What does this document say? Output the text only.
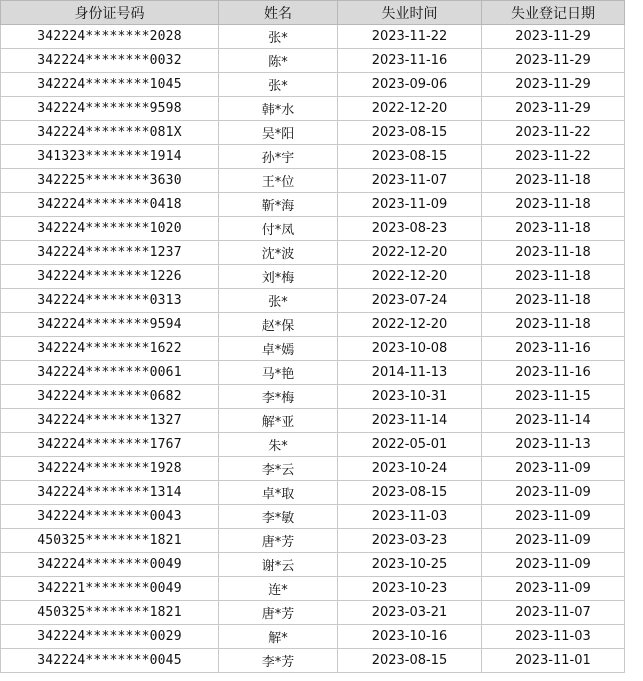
身份证号码	姓名	失业时间	失业登记日期
342224********2028	张*	2023-11-22	2023-11-29
342224********0032	陈*	2023-11-16	2023-11-29
342224********1045	张*	2023-09-06	2023-11-29
342224********9598	韩*水	2022-12-20	2023-11-29
342224********081X	吴*阳	2023-08-15	2023-11-22
341323********1914	孙*宇	2023-08-15	2023-11-22
342225********3630	王*位	2023-11-07	2023-11-18
342224********0418	靳*海	2023-11-09	2023-11-18
342224********1020	付*凤	2023-08-23	2023-11-18
342224********1237	沈*波	2022-12-20	2023-11-18
342224********1226	刘*梅	2022-12-20	2023-11-18
342224********0313	张*	2023-07-24	2023-11-18
342224********9594	赵*保	2022-12-20	2023-11-18
342224********1622	卓*嫣	2023-10-08	2023-11-16
342224********0061	马*艳	2014-11-13	2023-11-16
342224********0682	李*梅	2023-10-31	2023-11-15
342224********1327	解*亚	2023-11-14	2023-11-14
342224********1767	朱*	2022-05-01	2023-11-13
342224********1928	李*云	2023-10-24	2023-11-09
342224********1314	卓*取	2023-08-15	2023-11-09
342224********0043	李*敏	2023-11-03	2023-11-09
450325********1821	唐*芳	2023-03-23	2023-11-09
342224********0049	谢*云	2023-10-25	2023-11-09
342221********0049	连*	2023-10-23	2023-11-09
450325********1821	唐*芳	2023-03-21	2023-11-07
342224********0029	解*	2023-10-16	2023-11-03
342224********0045	李*芳	2023-08-15	2023-11-01
